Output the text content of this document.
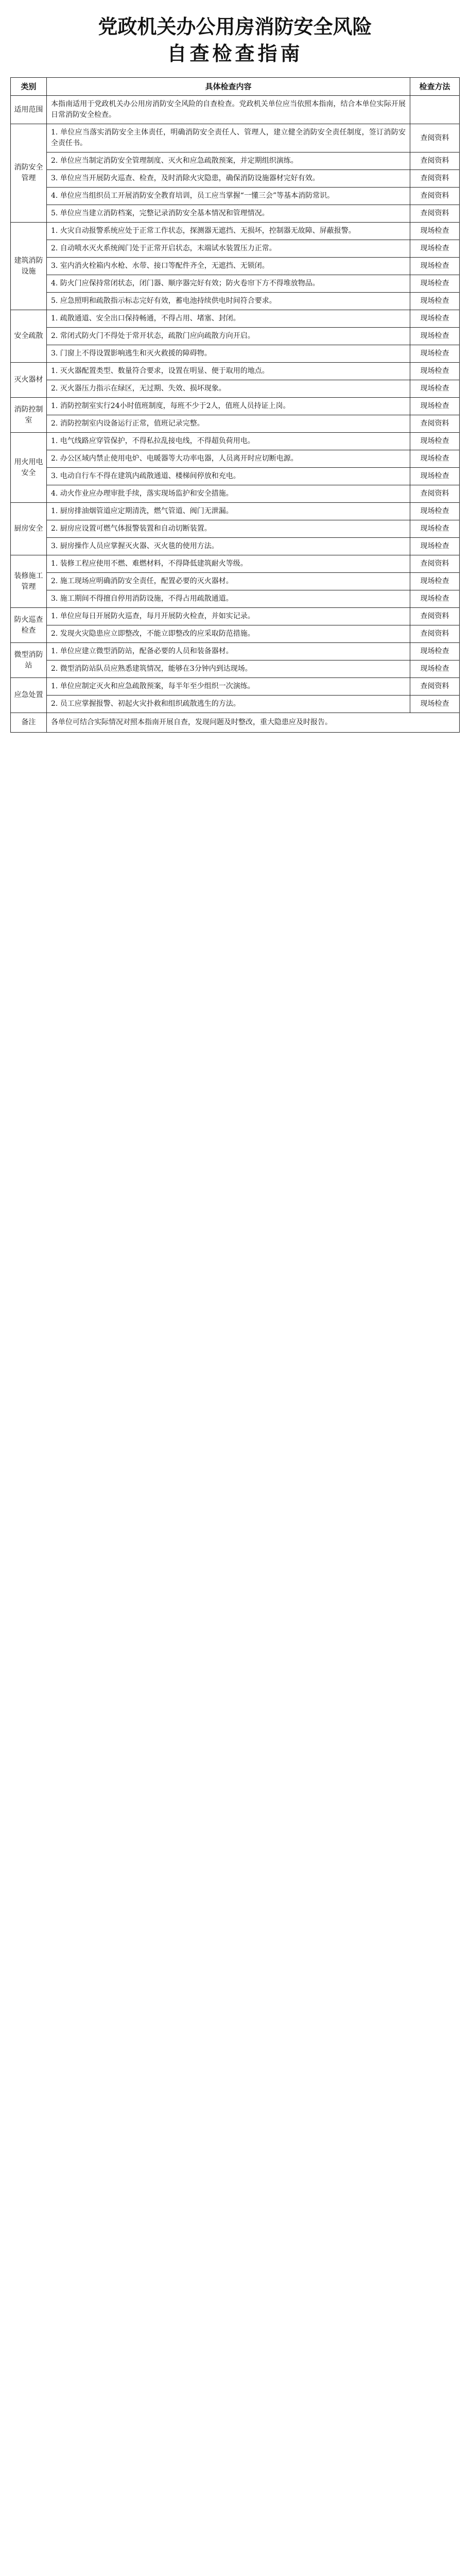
党政机关办公用房消防安全风险
自查检查指南
类别	具体检查内容	检查方法
适用范围	本指南适用于党政机关办公用房消防安全风险的自查检查。党政机关单位应当依照本指南，结合本单位实际开展日常消防安全检查。	
消防安全管理	1. 单位应当落实消防安全主体责任，明确消防安全责任人、管理人，建立健全消防安全责任制度，签订消防安全责任书。	查阅资料
	2. 单位应当制定消防安全管理制度、灭火和应急疏散预案，并定期组织演练。	查阅资料
	3. 单位应当开展防火巡查、检查，及时消除火灾隐患，确保消防设施器材完好有效。	查阅资料
	4. 单位应当组织员工开展消防安全教育培训，员工应当掌握“一懂三会”等基本消防常识。	查阅资料
	5. 单位应当建立消防档案，完整记录消防安全基本情况和管理情况。	查阅资料
建筑消防设施	1. 火灾自动报警系统应处于正常工作状态，探测器无遮挡、无损坏，控制器无故障、屏蔽报警。	现场检查
	2. 自动喷水灭火系统阀门处于正常开启状态，末端试水装置压力正常。	现场检查
	3. 室内消火栓箱内水枪、水带、接口等配件齐全，无遮挡、无锁闭。	现场检查
	4. 防火门应保持常闭状态，闭门器、顺序器完好有效；防火卷帘下方不得堆放物品。	现场检查
	5. 应急照明和疏散指示标志完好有效，蓄电池持续供电时间符合要求。	现场检查
安全疏散	1. 疏散通道、安全出口保持畅通，不得占用、堵塞、封闭。	现场检查
	2. 常闭式防火门不得处于常开状态，疏散门应向疏散方向开启。	现场检查
	3. 门窗上不得设置影响逃生和灭火救援的障碍物。	现场检查
灭火器材	1. 灭火器配置类型、数量符合要求，设置在明显、便于取用的地点。	现场检查
	2. 灭火器压力指示在绿区，无过期、失效、损坏现象。	现场检查
消防控制室	1. 消防控制室实行24小时值班制度，每班不少于2人，值班人员持证上岗。	现场检查
	2. 消防控制室内设备运行正常，值班记录完整。	查阅资料
用火用电安全	1. 电气线路应穿管保护，不得私拉乱接电线，不得超负荷用电。	现场检查
	2. 办公区域内禁止使用电炉、电暖器等大功率电器，人员离开时应切断电源。	现场检查
	3. 电动自行车不得在建筑内疏散通道、楼梯间停放和充电。	现场检查
	4. 动火作业应办理审批手续，落实现场监护和安全措施。	查阅资料
厨房安全	1. 厨房排油烟管道应定期清洗，燃气管道、阀门无泄漏。	现场检查
	2. 厨房应设置可燃气体报警装置和自动切断装置。	现场检查
	3. 厨房操作人员应掌握灭火器、灭火毯的使用方法。	现场检查
装修施工管理	1. 装修工程应使用不燃、难燃材料，不得降低建筑耐火等级。	查阅资料
	2. 施工现场应明确消防安全责任，配置必要的灭火器材。	现场检查
	3. 施工期间不得擅自停用消防设施，不得占用疏散通道。	现场检查
防火巡查检查	1. 单位应每日开展防火巡查，每月开展防火检查，并如实记录。	查阅资料
	2. 发现火灾隐患应立即整改，不能立即整改的应采取防范措施。	查阅资料
微型消防站	1. 单位应建立微型消防站，配备必要的人员和装备器材。	现场检查
	2. 微型消防站队员应熟悉建筑情况，能够在3分钟内到达现场。	现场检查
应急处置	1. 单位应制定灭火和应急疏散预案，每半年至少组织一次演练。	查阅资料
	2. 员工应掌握报警、初起火灾扑救和组织疏散逃生的方法。	现场检查
备注	各单位可结合实际情况对照本指南开展自查，发现问题及时整改，重大隐患应及时报告。	
